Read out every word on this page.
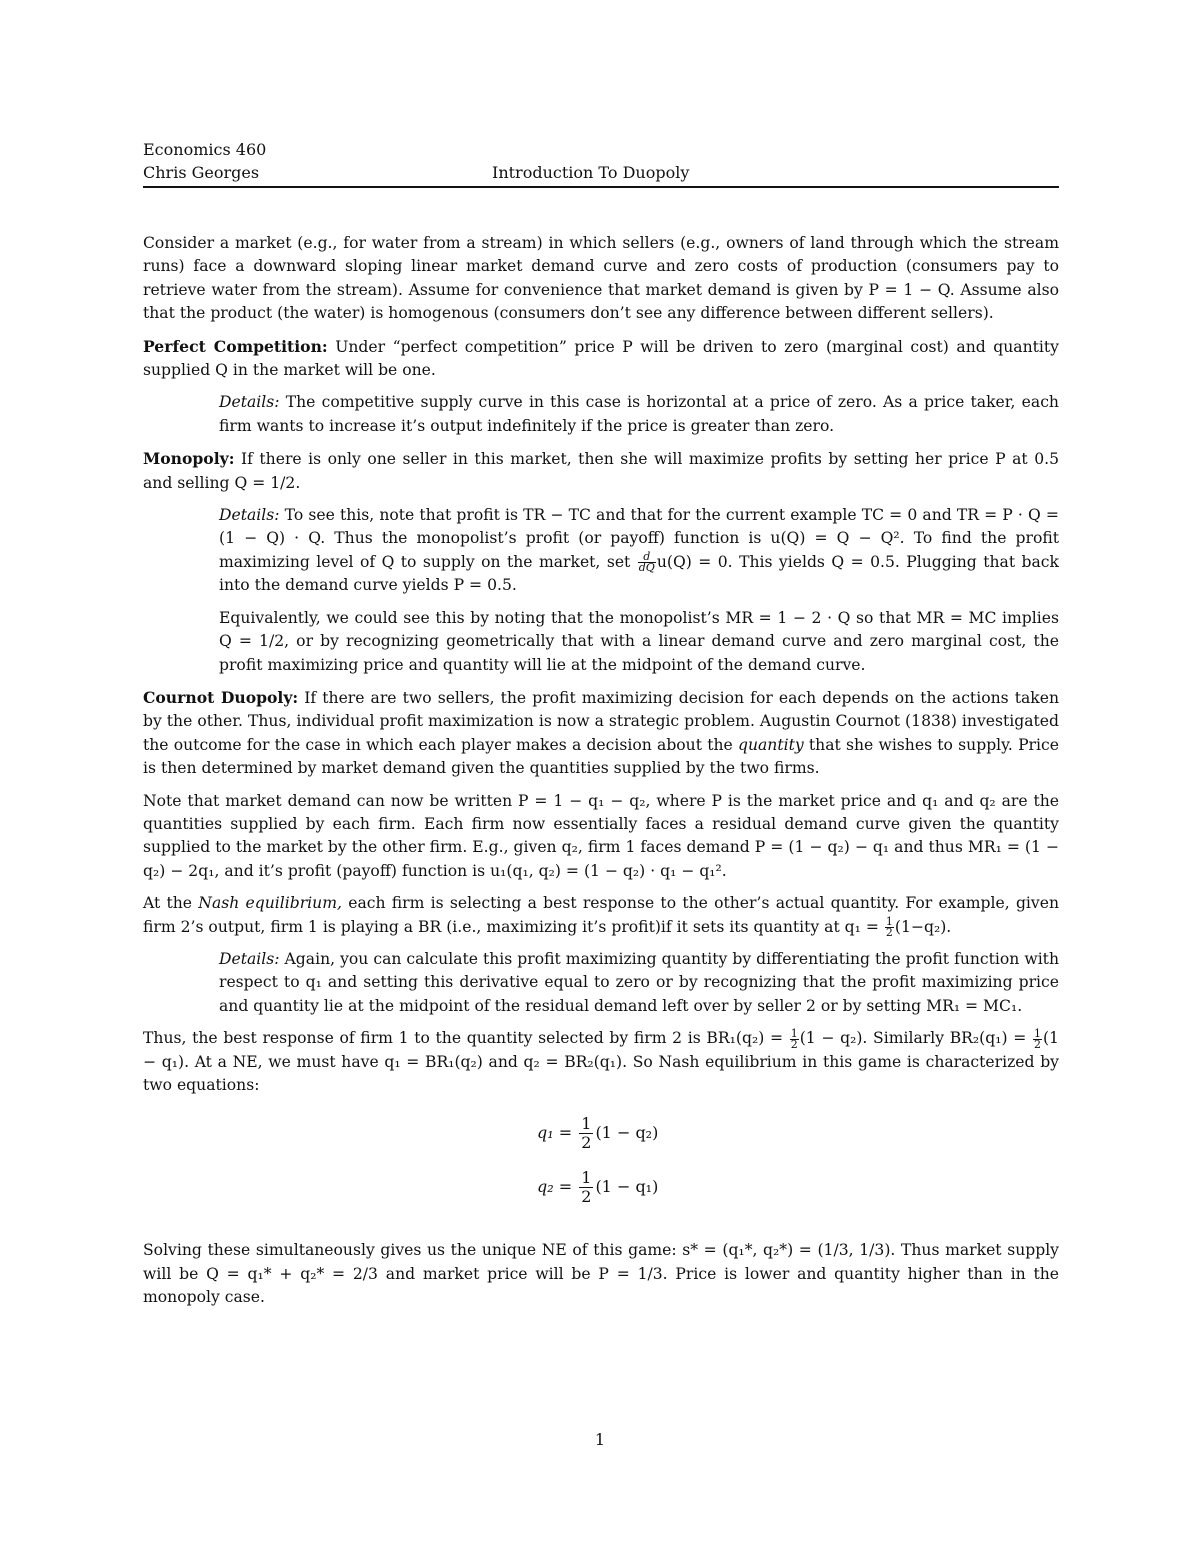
Economics 460
Chris Georges	Introduction To Duopoly

Consider a market (e.g., for water from a stream) in which sellers (e.g., owners of land through which the stream runs) face a downward sloping linear market demand curve and zero costs of production (consumers pay to retrieve water from the stream). Assume for convenience that market demand is given by P = 1 − Q. Assume also that the product (the water) is homogenous (consumers don’t see any difference between different sellers).

Perfect Competition: Under “perfect competition” price P will be driven to zero (marginal cost) and quantity supplied Q in the market will be one.

Details: The competitive supply curve in this case is horizontal at a price of zero. As a price taker, each firm wants to increase it’s output indefinitely if the price is greater than zero.

Monopoly: If there is only one seller in this market, then she will maximize profits by setting her price P at 0.5 and selling Q = 1/2.

Details: To see this, note that profit is TR − TC and that for the current example TC = 0 and TR = P · Q = (1 − Q) · Q. Thus the monopolist’s profit (or payoff) function is u(Q) = Q − Q². To find the profit maximizing level of Q to supply on the market, set $\frac{d}{dQ} u(Q) = 0$. This yields Q = 0.5. Plugging that back into the demand curve yields P = 0.5.

Equivalently, we could see this by noting that the monopolist’s MR = 1 − 2 · Q so that MR = MC implies Q = 1/2, or by recognizing geometrically that with a linear demand curve and zero marginal cost, the profit maximizing price and quantity will lie at the midpoint of the demand curve.

Cournot Duopoly: If there are two sellers, the profit maximizing decision for each depends on the actions taken by the other. Thus, individual profit maximization is now a strategic problem. Augustin Cournot (1838) investigated the outcome for the case in which each player makes a decision about the quantity that she wishes to supply. Price is then determined by market demand given the quantities supplied by the two firms.

Note that market demand can now be written P = 1 − q₁ − q₂, where P is the market price and q₁ and q₂ are the quantities supplied by each firm. Each firm now essentially faces a residual demand curve given the quantity supplied to the market by the other firm. E.g., given q₂, firm 1 faces demand P = (1 − q₂) − q₁ and thus MR₁ = (1 − q₂) − 2q₁, and it’s profit (payoff) function is u₁(q₁, q₂) = (1 − q₂) · q₁ − q₁².

At the Nash equilibrium, each firm is selecting a best response to the other’s actual quantity. For example, given firm 2’s output, firm 1 is playing a BR (i.e., maximizing it’s profit)if it sets its quantity at $q_1 = \frac{1}{2} (1-q_2)$.

Details: Again, you can calculate this profit maximizing quantity by differentiating the profit function with respect to q₁ and setting this derivative equal to zero or by recognizing that the profit maximizing price and quantity lie at the midpoint of the residual demand left over by seller 2 or by setting MR₁ = MC₁.

Thus, the best response of firm 1 to the quantity selected by firm 2 is $BR_1(q_2) = \frac{1}{2} (1 - q_2)$. Similarly $BR_2(q_1) = \frac{1}{2} (1 - q_1)$. At a NE, we must have q₁ = BR₁(q₂) and q₂ = BR₂(q₁). So Nash equilibrium in this game is characterized by two equations:

$q_1 = \frac{1}{2} (1 - q_2)$
$q_2 = \frac{1}{2} (1 - q_1)$

Solving these simultaneously gives us the unique NE of this game: s* = (q₁*, q₂*) = (1/3, 1/3). Thus market supply will be Q = q₁* + q₂* = 2/3 and market price will be P = 1/3. Price is lower and quantity higher than in the monopoly case.

1
